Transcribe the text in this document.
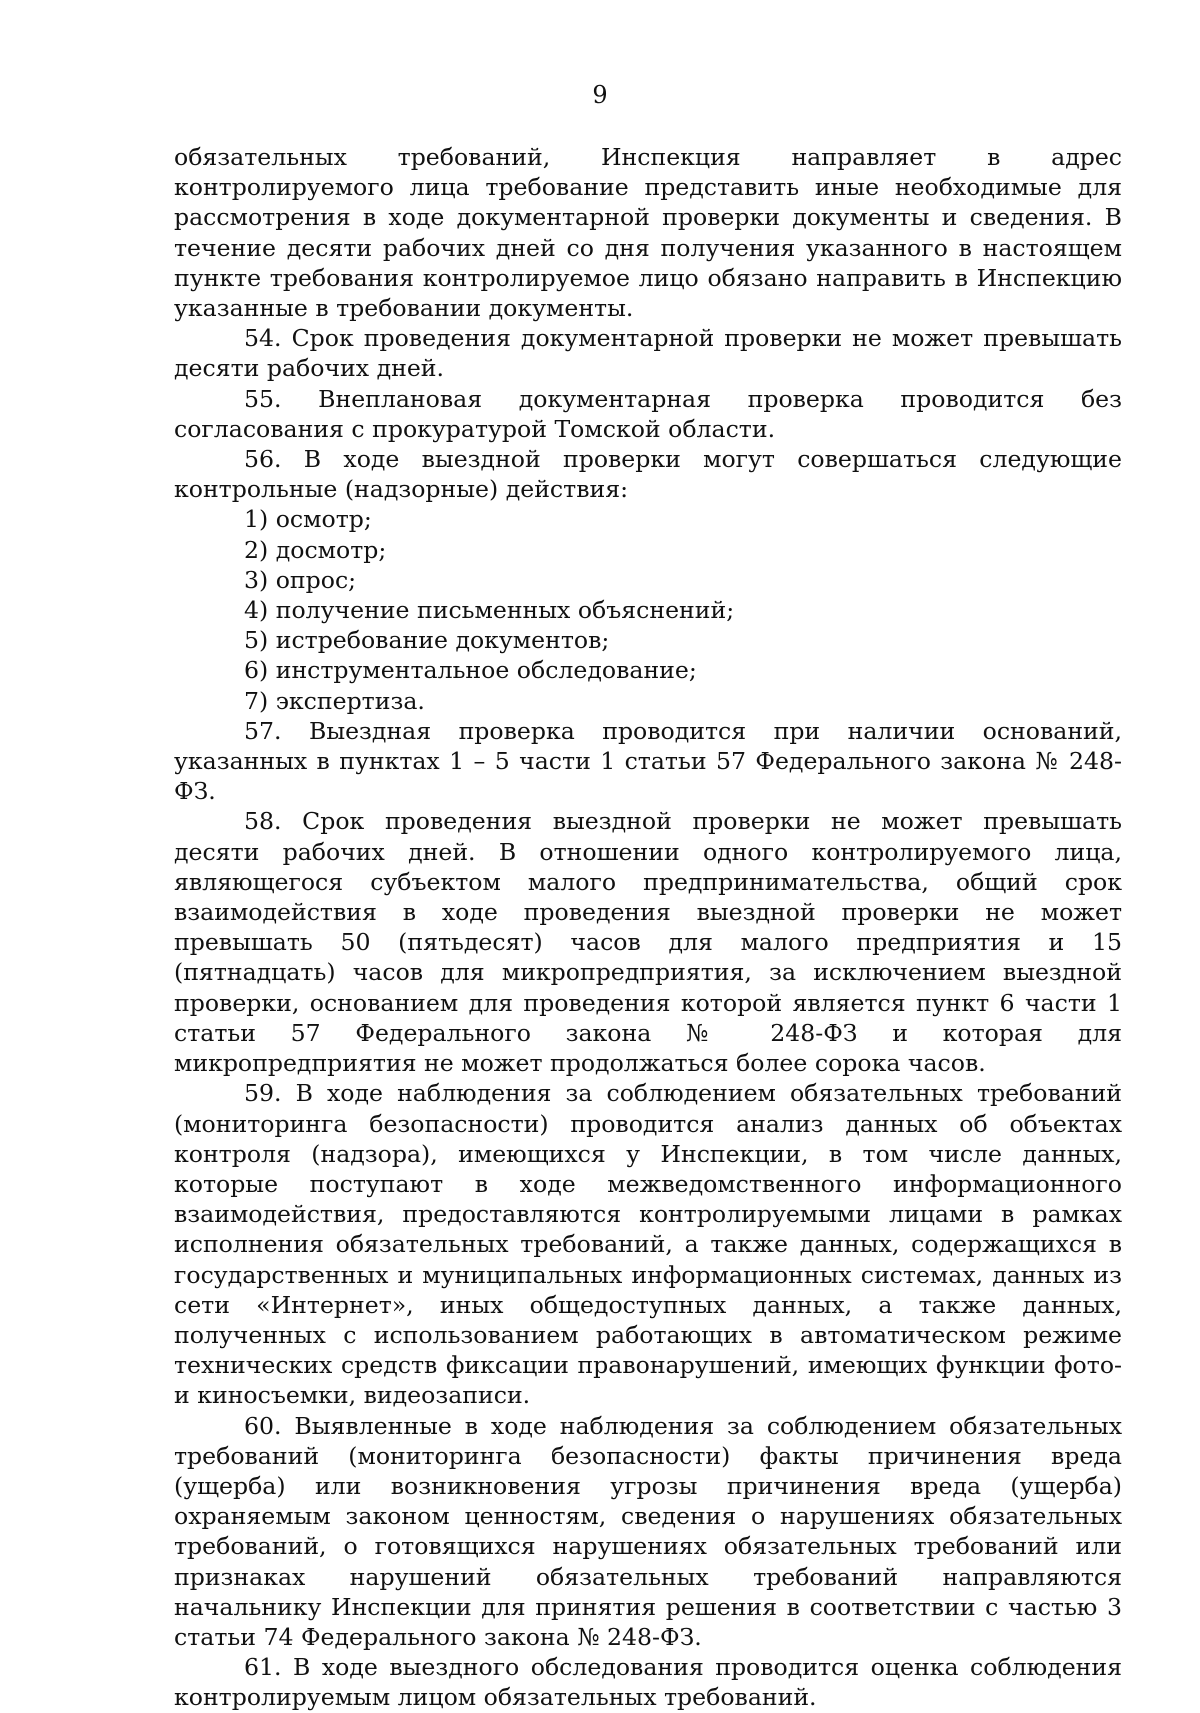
9

обязательных требований, Инспекция направляет в адрес контролируемого лица требование представить иные необходимые для рассмотрения в ходе документарной проверки документы и сведения. В течение десяти рабочих дней со дня получения указанного в настоящем пункте требования контролируемое лицо обязано направить в Инспекцию указанные в требовании документы.

54. Срок проведения документарной проверки не может превышать десяти рабочих дней.

55. Внеплановая документарная проверка проводится без согласования с прокуратурой Томской области.

56. В ходе выездной проверки могут совершаться следующие контрольные (надзорные) действия:

1) осмотр;

2) досмотр;

3) опрос;

4) получение письменных объяснений;

5) истребование документов;

6) инструментальное обследование;

7) экспертиза.

57. Выездная проверка проводится при наличии оснований, указанных в пунктах 1 – 5 части 1 статьи 57 Федерального закона № 248-ФЗ.

58. Срок проведения выездной проверки не может превышать десяти рабочих дней. В отношении одного контролируемого лица, являющегося субъектом малого предпринимательства, общий срок взаимодействия в ходе проведения выездной проверки не может превышать 50 (пятьдесят) часов для малого предприятия и 15 (пятнадцать) часов для микропредприятия, за исключением выездной проверки, основанием для проведения которой является пункт 6 части 1 статьи 57 Федерального закона № 248-ФЗ и которая для микропредприятия не может продолжаться более сорока часов.

59. В ходе наблюдения за соблюдением обязательных требований (мониторинга безопасности) проводится анализ данных об объектах контроля (надзора), имеющихся у Инспекции, в том числе данных, которые поступают в ходе межведомственного информационного взаимодействия, предоставляются контролируемыми лицами в рамках исполнения обязательных требований, а также данных, содержащихся в государственных и муниципальных информационных системах, данных из сети «Интернет», иных общедоступных данных, а также данных, полученных с использованием работающих в автоматическом режиме технических средств фиксации правонарушений, имеющих функции фото- и киносъемки, видеозаписи.

60. Выявленные в ходе наблюдения за соблюдением обязательных требований (мониторинга безопасности) факты причинения вреда (ущерба) или возникновения угрозы причинения вреда (ущерба) охраняемым законом ценностям, сведения о нарушениях обязательных требований, о готовящихся нарушениях обязательных требований или признаках нарушений обязательных требований направляются начальнику Инспекции для принятия решения в соответствии с частью 3 статьи 74 Федерального закона № 248-ФЗ.

61. В ходе выездного обследования проводится оценка соблюдения контролируемым лицом обязательных требований.
